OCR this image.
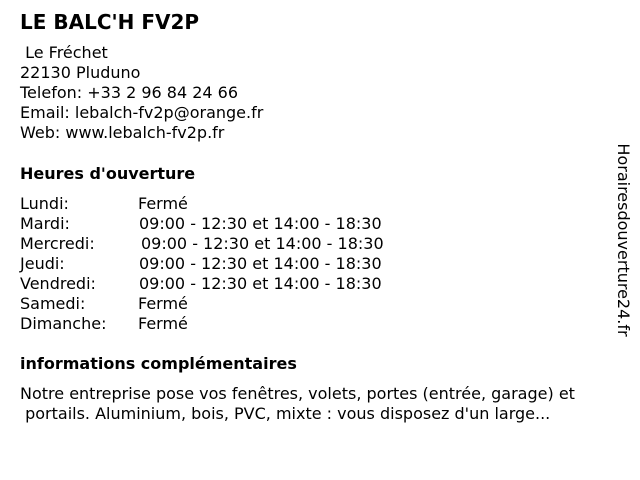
LE BALC'H FV2P
Le Fréchet
22130 Pluduno
Telefon: +33 2 96 84 24 66
Email: lebalch-fv2p@orange.fr
Web: www.lebalch-fv2p.fr
Heures d'ouverture
Lundi:	Fermé
Mardi:	09:00 - 12:30 et 14:00 - 18:30
Mercredi:	09:00 - 12:30 et 14:00 - 18:30
Jeudi:	09:00 - 12:30 et 14:00 - 18:30
Vendredi:	09:00 - 12:30 et 14:00 - 18:30
Samedi:	Fermé
Dimanche: Fermé
informations complémentaires
Notre entreprise pose vos fenêtres, volets, portes (entrée, garage) et
portails. Aluminium, bois, PVC, mixte : vous disposez d'un large...
Horairesdouverture24.fr
